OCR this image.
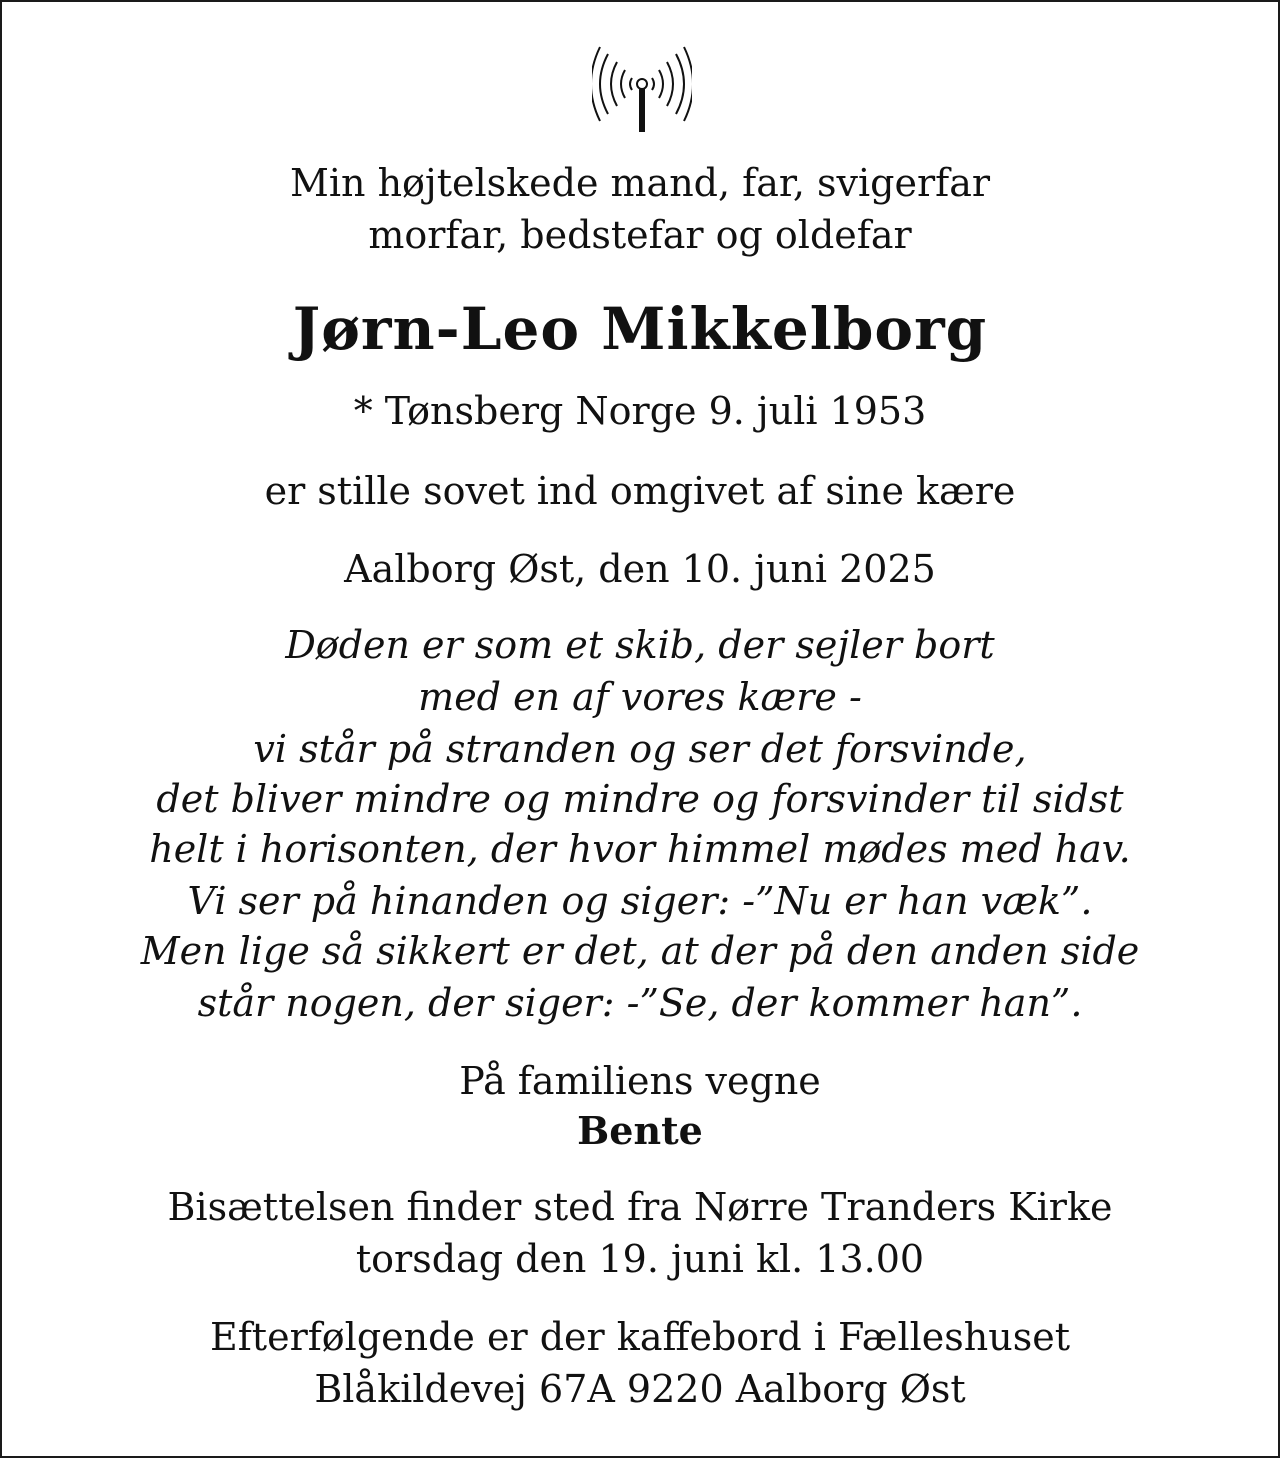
Min højtelskede mand, far, svigerfar
morfar, bedstefar og oldefar
Jørn-Leo Mikkelborg
* Tønsberg Norge 9. juli 1953
er stille sovet ind omgivet af sine kære
Aalborg Øst, den 10. juni 2025
Døden er som et skib, der sejler bort
med en af vores kære -
vi står på stranden og ser det forsvinde,
det bliver mindre og mindre og forsvinder til sidst
helt i horisonten, der hvor himmel mødes med hav.
Vi ser på hinanden og siger: -”Nu er han væk”.
Men lige så sikkert er det, at der på den anden side
står nogen, der siger: -”Se, der kommer han”.
På familiens vegne
Bente
Bisættelsen finder sted fra Nørre Tranders Kirke
torsdag den 19. juni kl. 13.00
Efterfølgende er der kaffebord i Fælleshuset
Blåkildevej 67A 9220 Aalborg Øst
